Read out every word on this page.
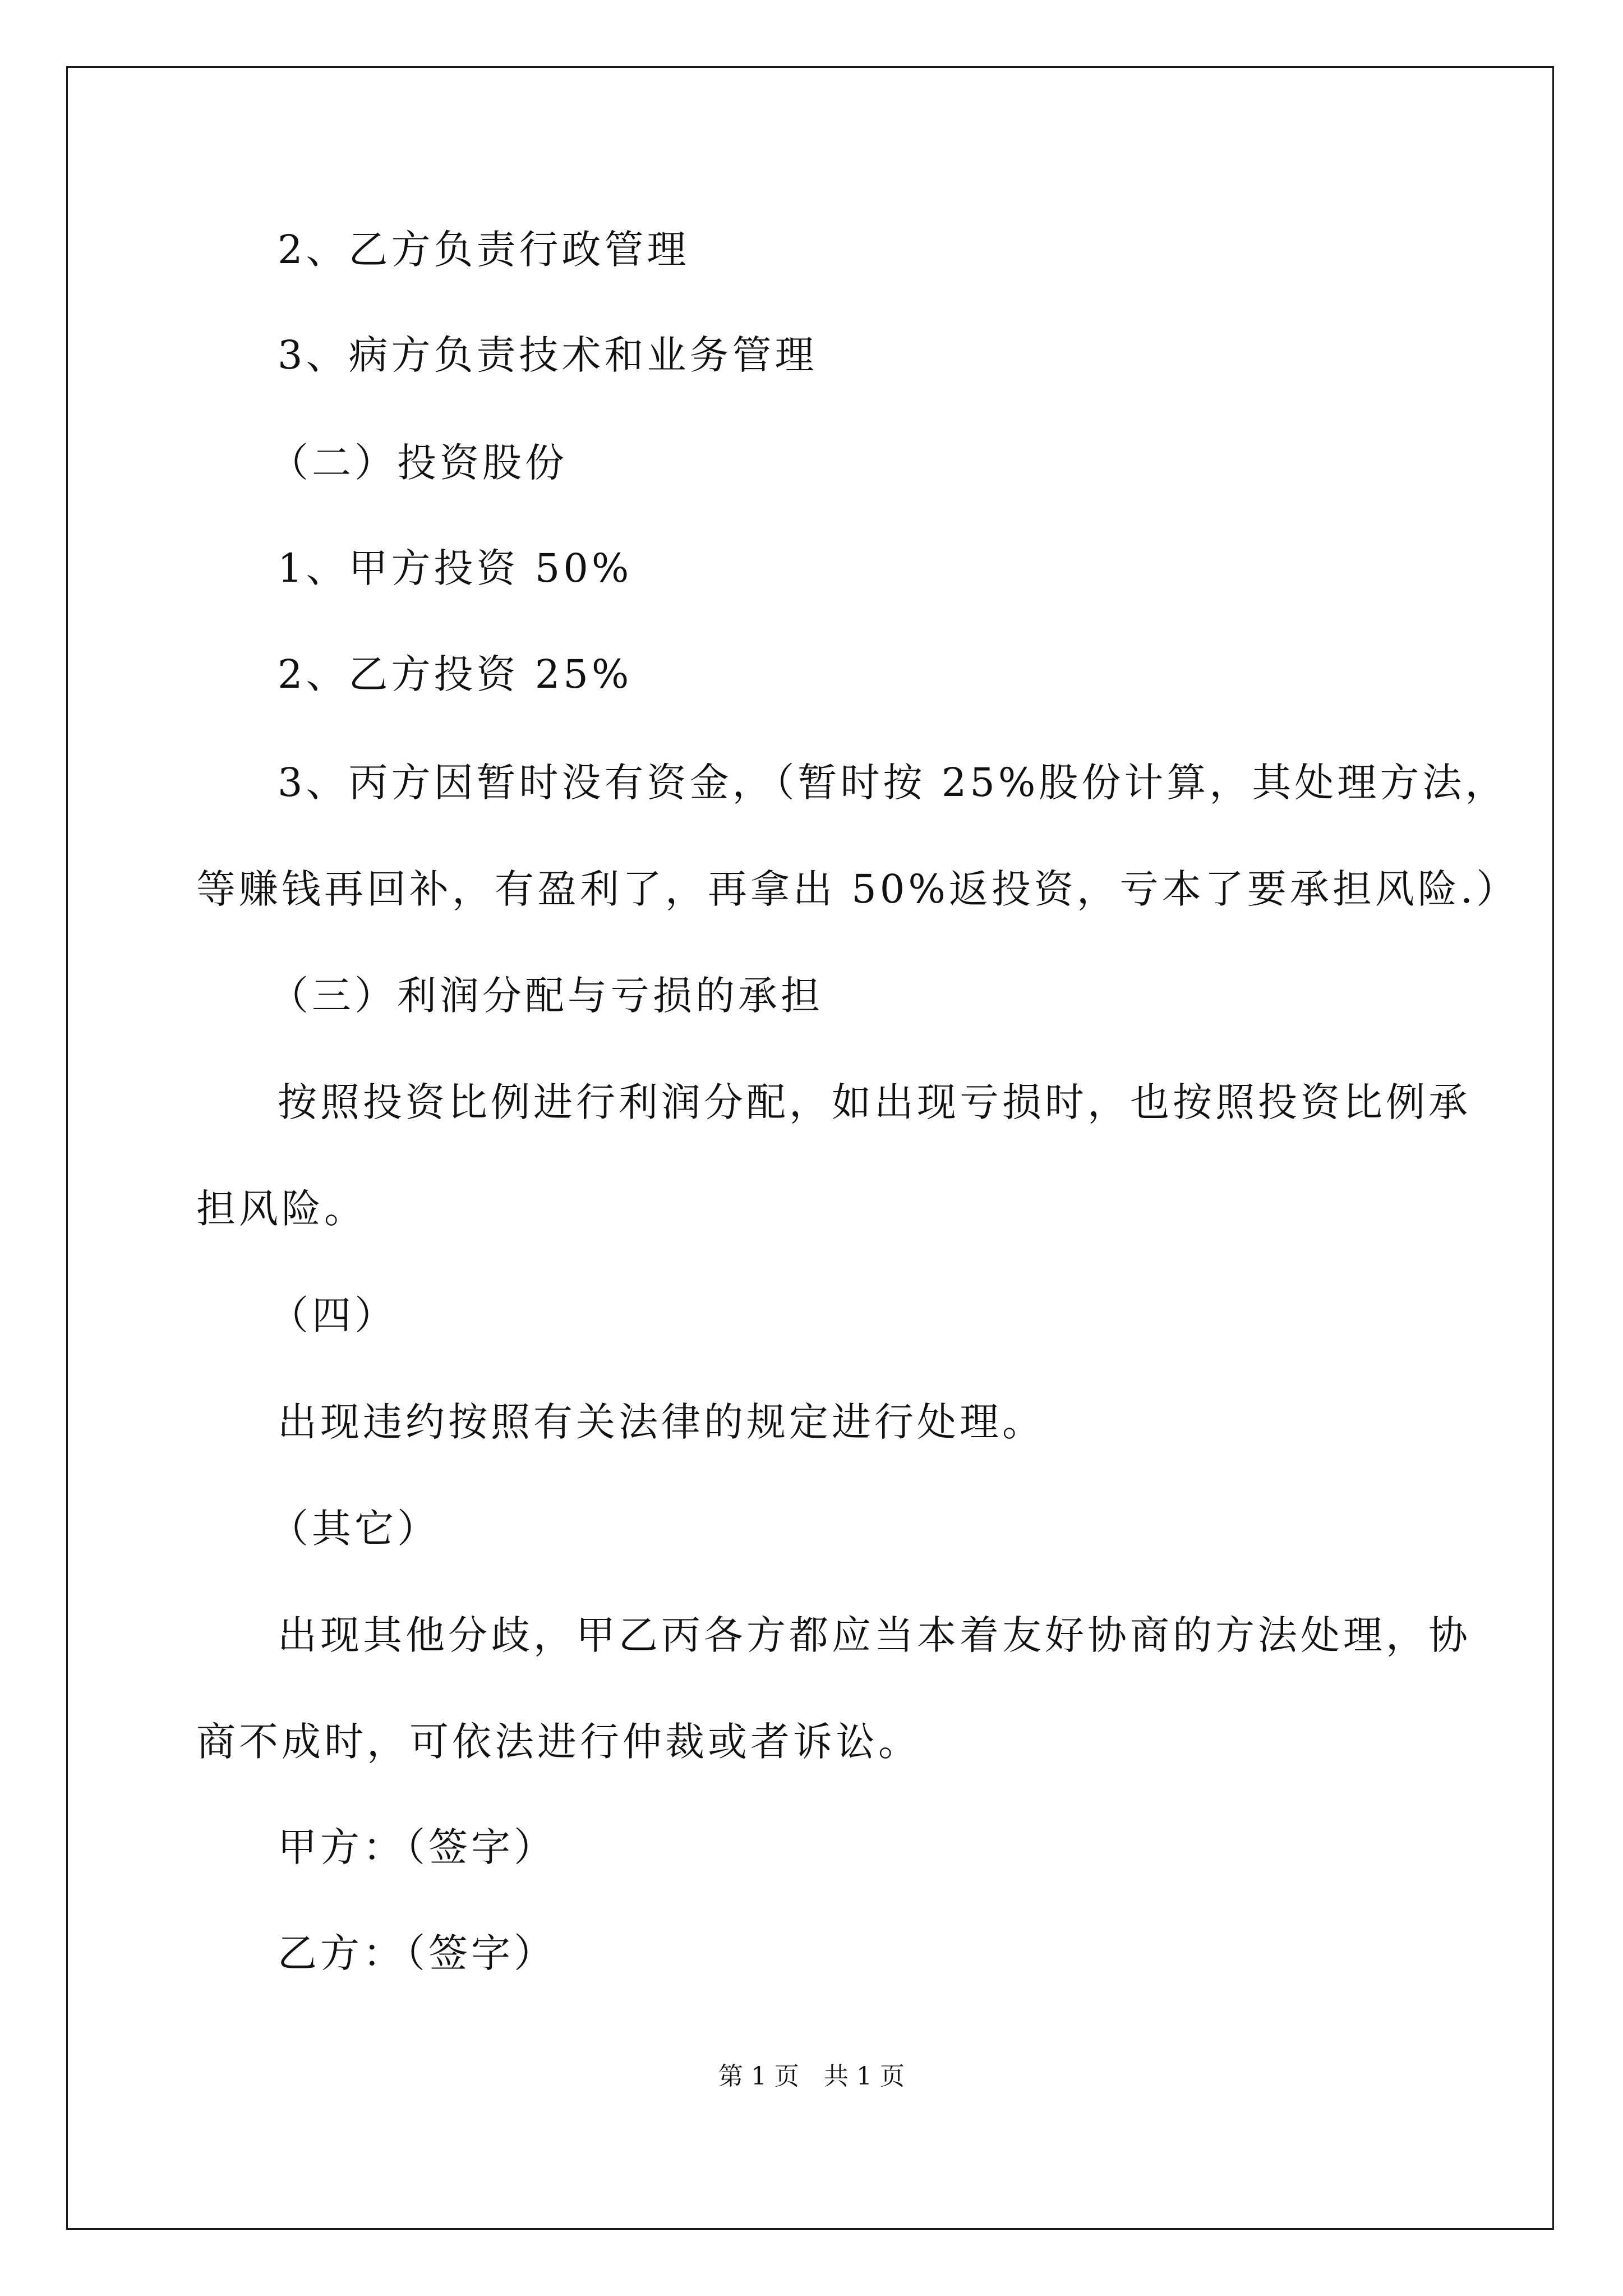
2、乙方负责行政管理
3、病方负责技术和业务管理
（二）投资股份
1、甲方投资 50%
2、乙方投资 25%
3、丙方因暂时没有资金，（暂时按 25%股份计算，其处理方法，
等赚钱再回补，有盈利了，再拿出 50%返投资，亏本了要承担风险.）
（三）利润分配与亏损的承担
按照投资比例进行利润分配，如出现亏损时，也按照投资比例承
担风险。
（四）
出现违约按照有关法律的规定进行处理。
（其它）
出现其他分歧，甲乙丙各方都应当本着友好协商的方法处理，协
商不成时，可依法进行仲裁或者诉讼。
甲方：（签字）
乙方：（签字）
第 1 页　共 1 页
